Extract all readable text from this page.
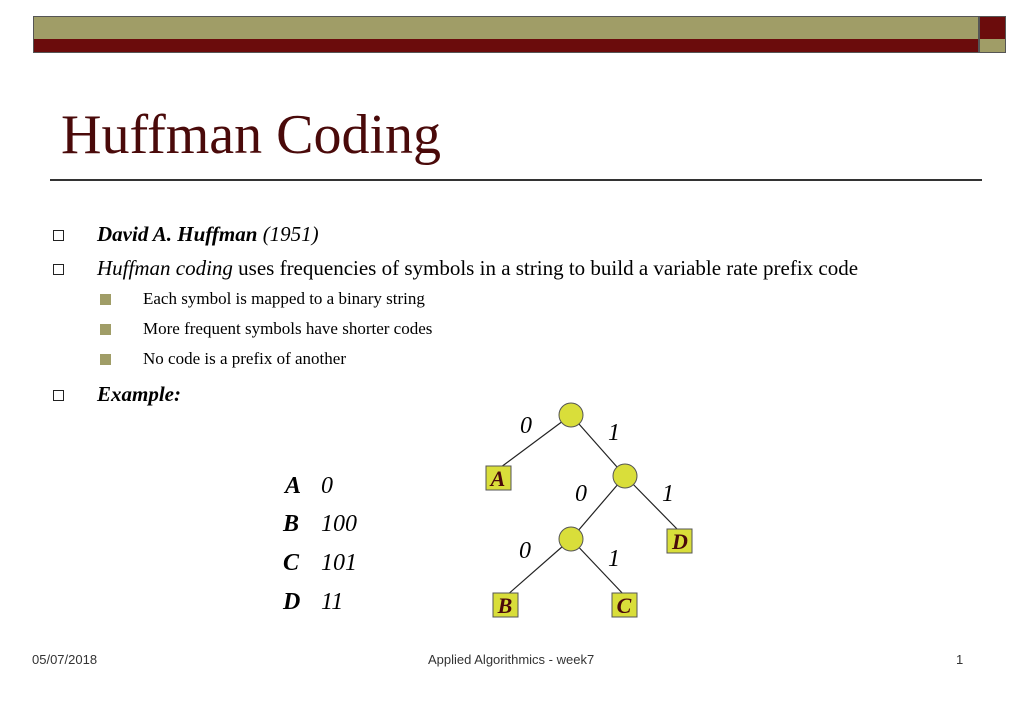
Huffman Coding
David A. Huffman (1951)
Huffman coding uses frequencies of symbols in a string to build a variable rate prefix code
Each symbol is mapped to a binary string
More frequent symbols have shorter codes
No code is a prefix of another
Example:
A 0
B 100
C 101
D 11
A
D
B	C
0	1
0	1
0	1
05/07/2018	Applied Algorithmics - week7	1
